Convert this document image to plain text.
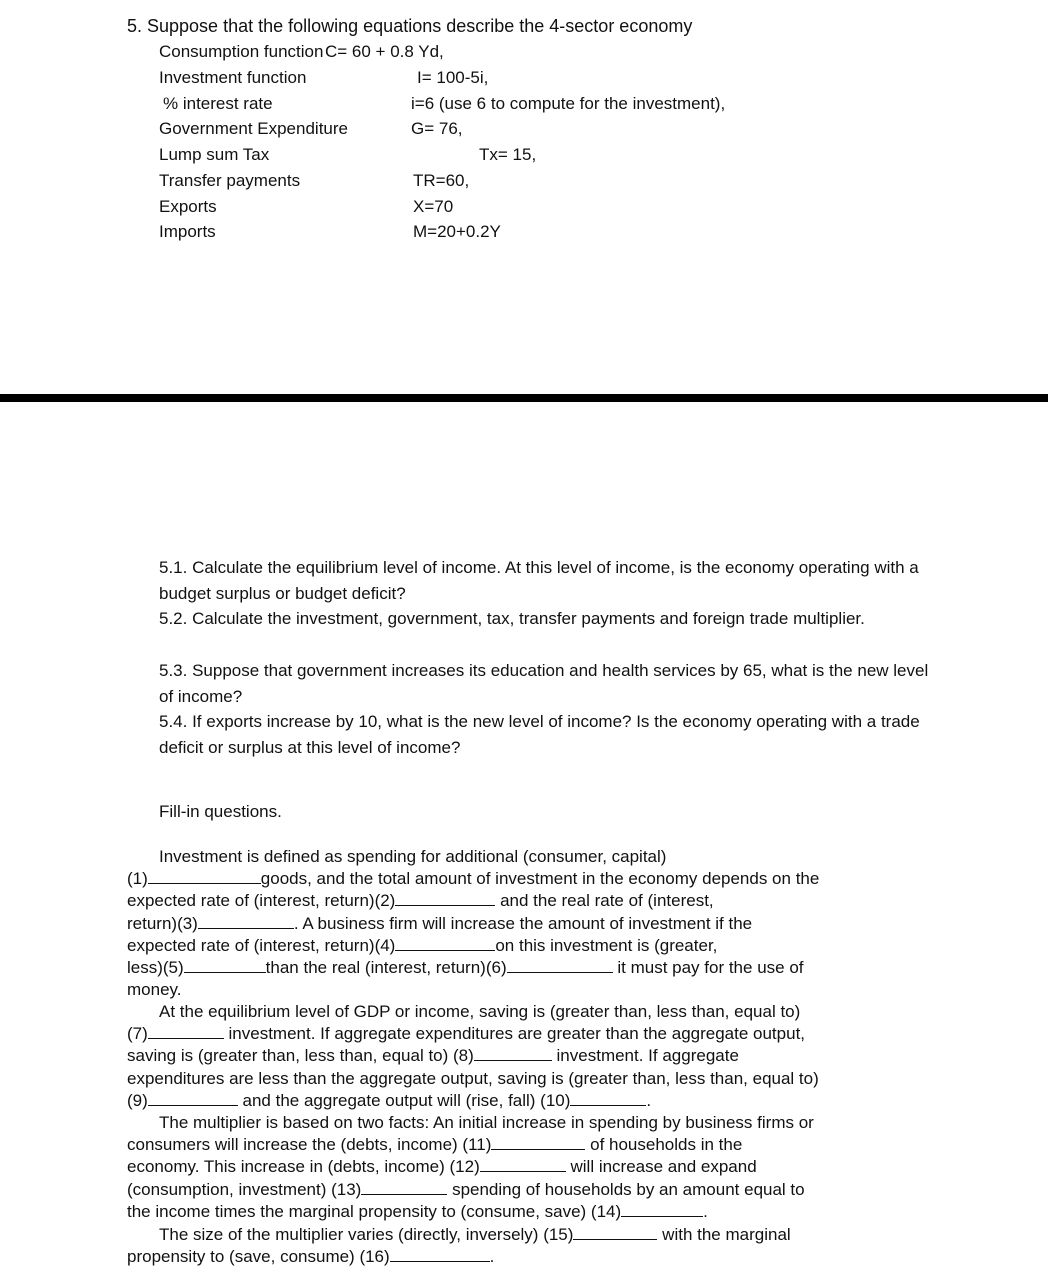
5. Suppose that the following equations describe the 4-sector economy
Consumption function C= 60 + 0.8 Yd,
Investment function	I= 100-5i,
% interest rate	i=6 (use 6 to compute for the investment),
Government Expenditure	G= 76,
Lump sum Tax	Tx= 15,
Transfer payments	TR=60,
Exports	X=70
Imports	M=20+0.2Y
5.1. Calculate the equilibrium level of income. At this level of income, is the economy operating with a budget surplus or budget deficit?
5.2. Calculate the investment, government, tax, transfer payments and foreign trade multiplier.
5.3. Suppose that government increases its education and health services by 65, what is the new level of income?
5.4. If exports increase by 10, what is the new level of income? Is the economy operating with a trade deficit or surplus at this level of income?
Fill-in questions.
Investment is defined as spending for additional (consumer, capital)
(1)	goods, and the total amount of investment in the economy depends on the
expected rate of (interest, return)(2)	and the real rate of (interest,
return)(3)	. A business firm will increase the amount of investment if the
expected rate of (interest, return)(4)	on this investment is (greater,
less)(5)	than the real (interest, return)(6)	it must pay for the use of
money.
At the equilibrium level of GDP or income, saving is (greater than, less than, equal to)
(7)	investment. If aggregate expenditures are greater than the aggregate output,
saving is (greater than, less than, equal to) (8)	investment. If aggregate
expenditures are less than the aggregate output, saving is (greater than, less than, equal to)
(9)	and the aggregate output will (rise, fall) (10)	.
The multiplier is based on two facts: An initial increase in spending by business firms or
consumers will increase the (debts, income) (11)	of households in the
economy. This increase in (debts, income) (12)	will increase and expand
(consumption, investment) (13)	spending of households by an amount equal to
the income times the marginal propensity to (consume, save) (14)	.
The size of the multiplier varies (directly, inversely) (15)	with the marginal
propensity to (save, consume) (16)	.
